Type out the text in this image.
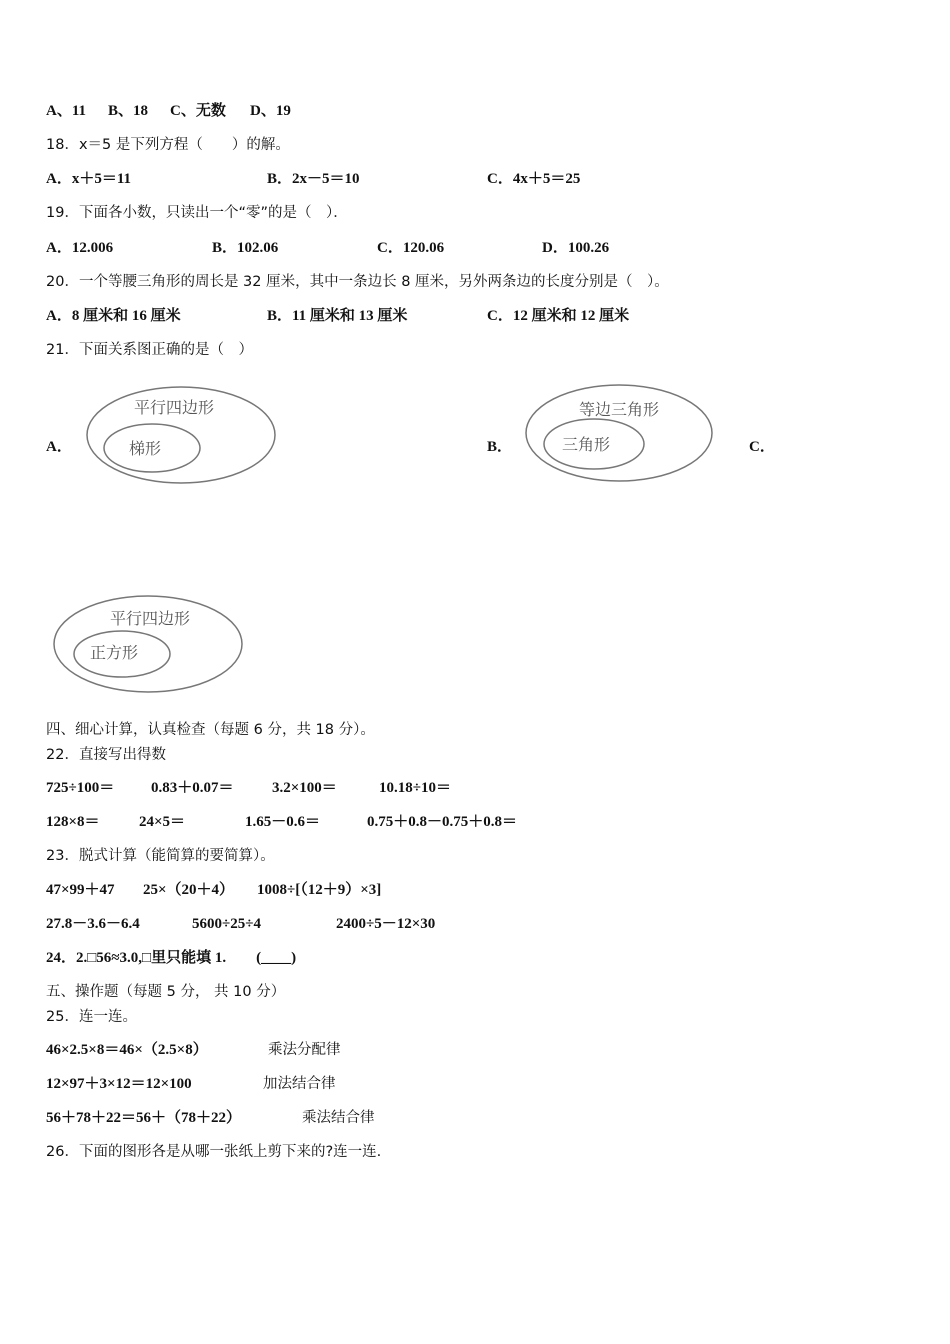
A、11 B、18 C、无数 D、19
18．x＝5 是下列方程（　　）的解。
A．x＋5＝11	B．2x－5＝10	C．4x＋5＝25
19．下面各小数，只读出一个“零”的是（　）．
A．12.006	B．102.06	C．120.06	D．100.26
20．一个等腰三角形的周长是 32 厘米，其中一条边长 8 厘米，另外两条边的长度分别是（　）。
A．8 厘米和 16 厘米	B．11 厘米和 13 厘米	C．12 厘米和 12 厘米
21．下面关系图正确的是（　）
A．	B．	C．
平行四边形
梯形
等边三角形
三角形
平行四边形
正方形
四、细心计算，认真检查（每题 6 分，共 18 分）。
22．直接写出得数
725÷100＝ 0.83＋0.07＝	3.2×100＝	10.18÷10＝
128×8＝	24×5＝	1.65－0.6＝	0.75＋0.8－0.75＋0.8＝
23．脱式计算（能简算的要简算）。
47×99＋47 25×（20＋4） 1008÷[（12＋9）×3]
27.8－3.6－6.4	5600÷25÷4	2400÷5－12×30
24．2.□56≈3.0,□里只能填 1.　　(____)
五、操作题（每题 5 分， 共 10 分）
25．连一连。
46×2.5×8＝46×（2.5×8）	乘法分配律
12×97＋3×12＝12×100	加法结合律
56＋78＋22＝56＋（78＋22）	乘法结合律
26．下面的图形各是从哪一张纸上剪下来的?连一连.
